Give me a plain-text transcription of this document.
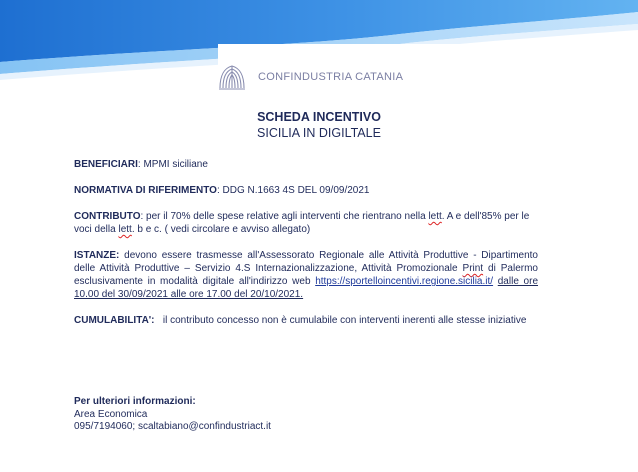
CONFINDUSTRIA CATANIA
SCHEDA INCENTIVO
SICILIA IN DIGILTALE

BENEFICIARI: MPMI siciliane

NORMATIVA DI RIFERIMENTO: DDG N.1663 4S DEL 09/09/2021

CONTRIBUTO: per il 70% delle spese relative agli interventi che rientrano nella lett. A e dell'85% per le voci della lett. b e c. ( vedi circolare e avviso allegato)

ISTANZE: devono essere trasmesse all'Assessorato Regionale alle Attività Produttive - Dipartimento delle Attività Produttive – Servizio 4.S Internazionalizzazione, Attività Promozionale Print di Palermo esclusivamente in modalità digitale all'indirizzo web https://sportelloincentivi.regione.sicilia.it/ dalle ore 10.00 del 30/09/2021 alle ore 17.00 del 20/10/2021.

CUMULABILITA': il contributo concesso non è cumulabile con interventi inerenti alle stesse iniziative

Per ulteriori informazioni:
Area Economica
095/7194060; scaltabiano@confindustriact.it
